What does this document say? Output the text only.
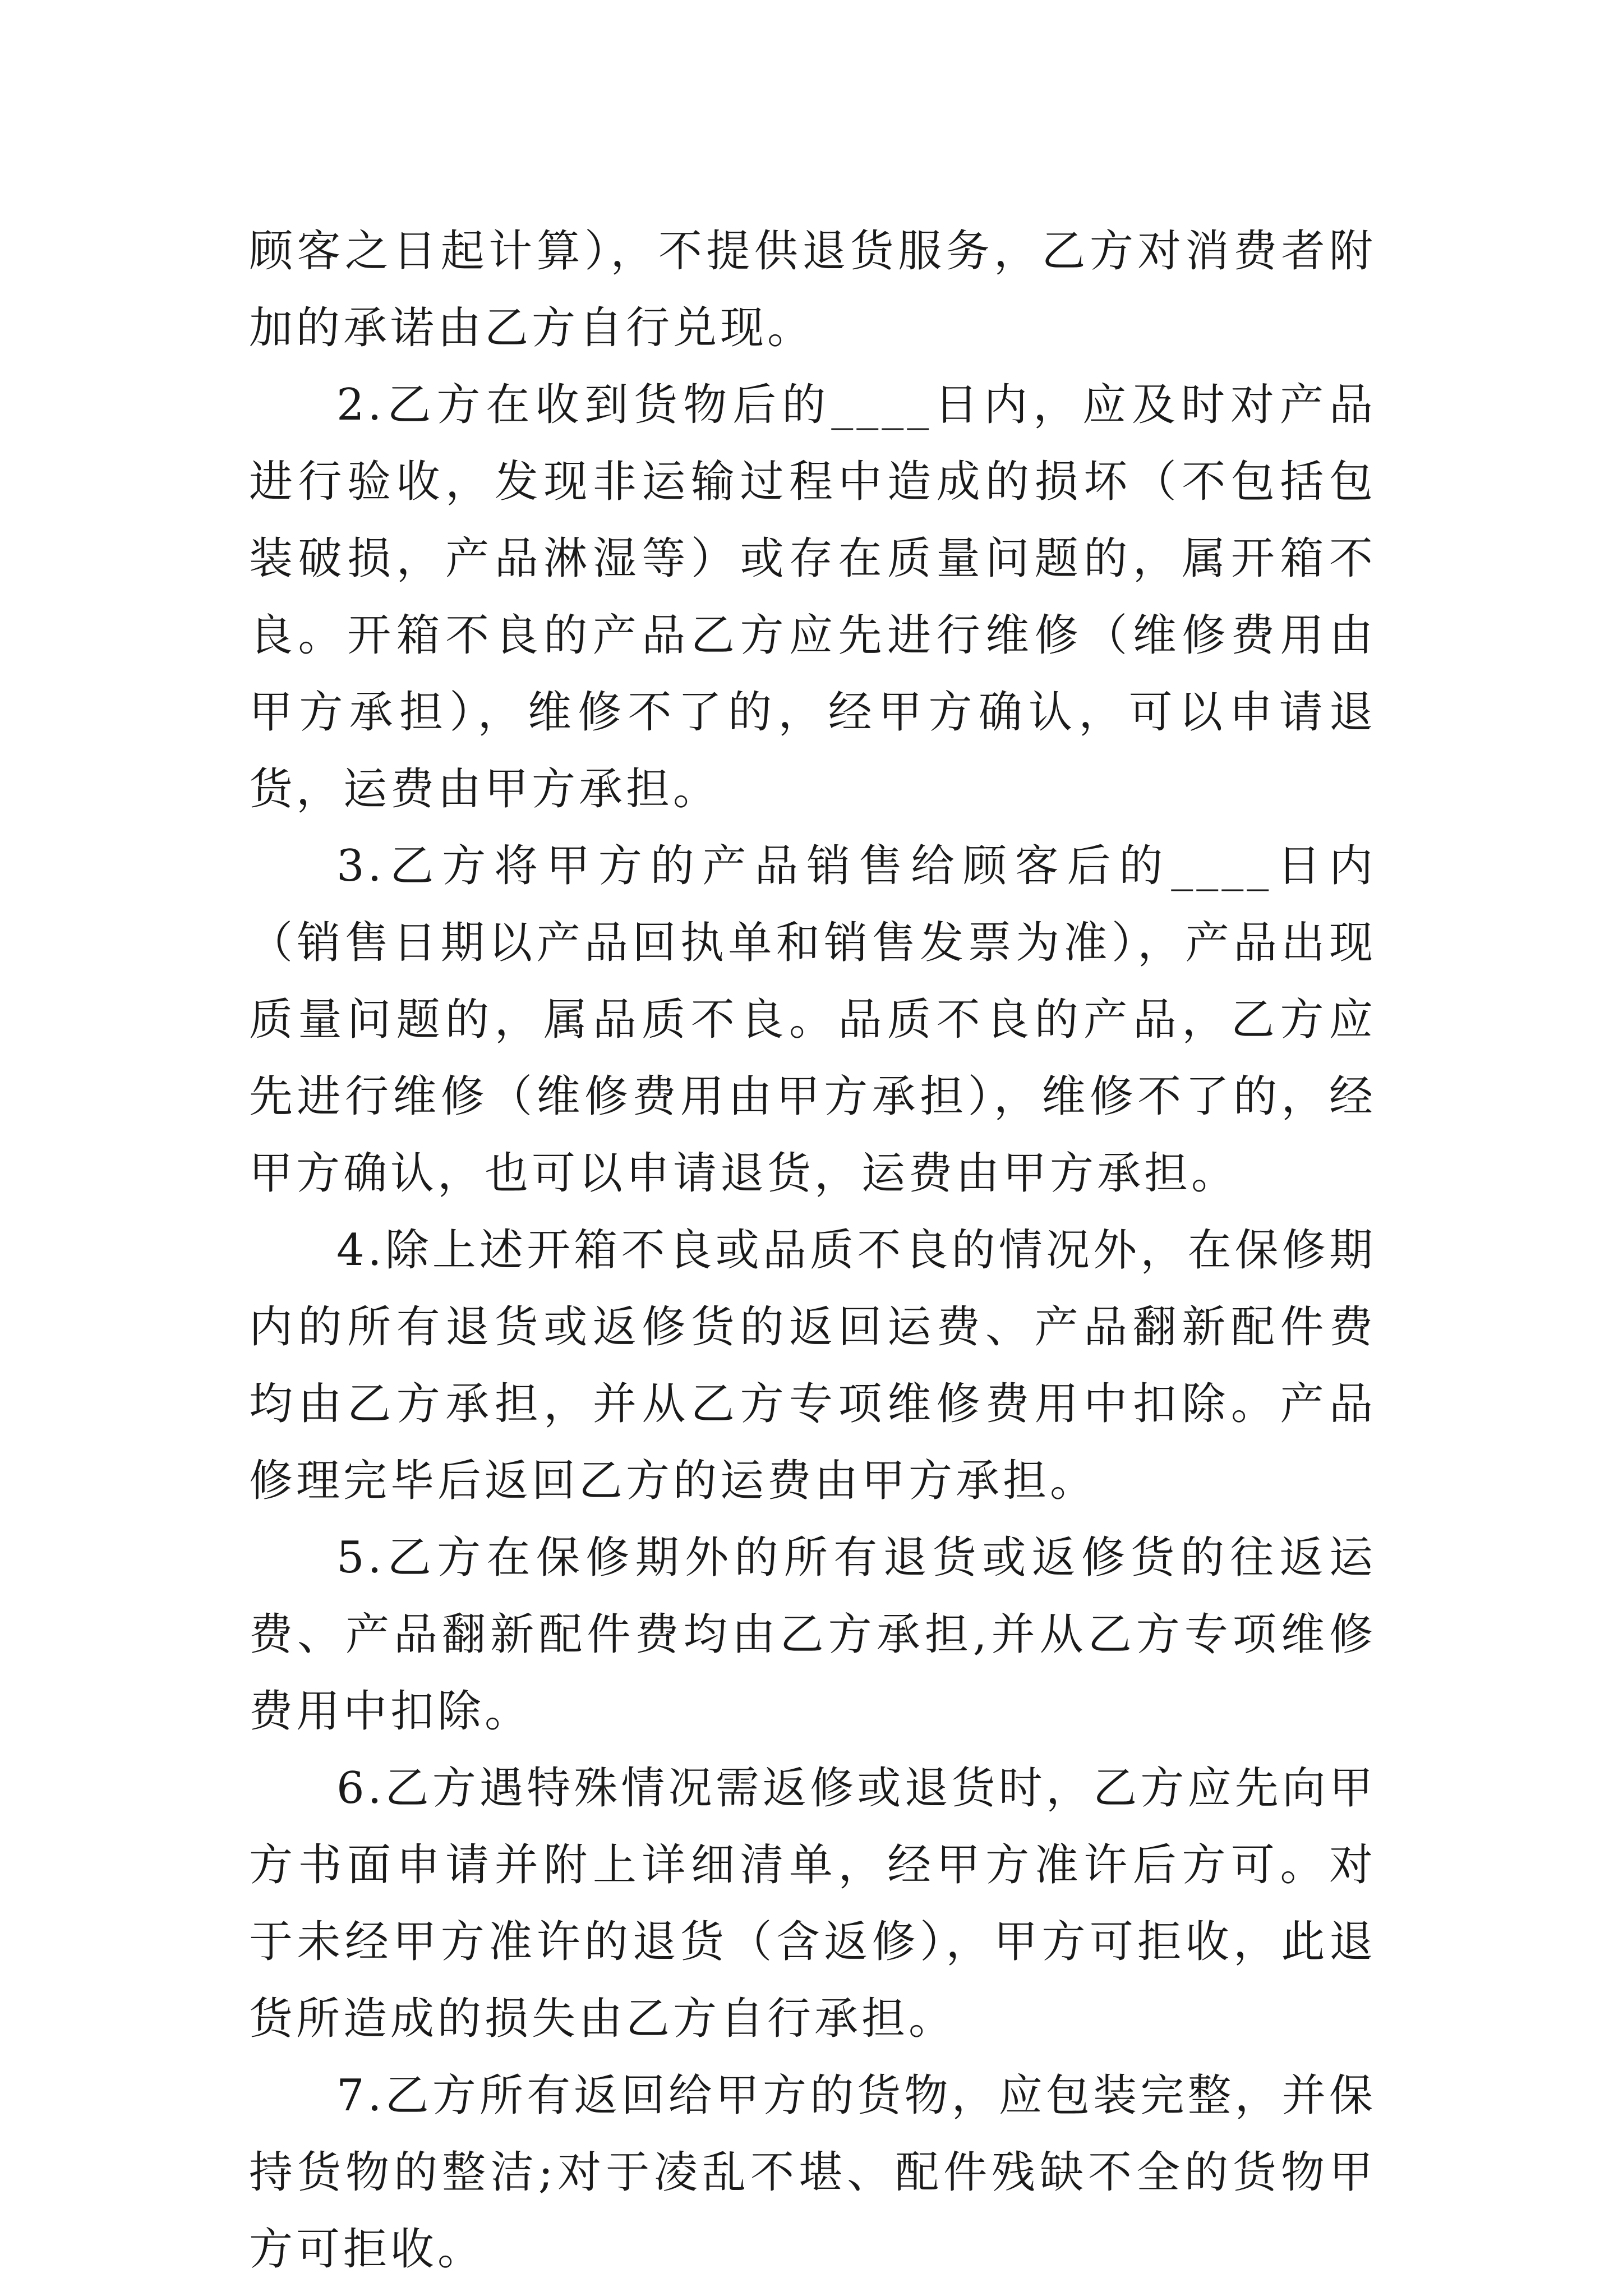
顾客之日起计算），不提供退货服务，乙方对消费者附加的承诺由乙方自行兑现。

2.乙方在收到货物后的____日内，应及时对产品进行验收，发现非运输过程中造成的损坏（不包括包装破损，产品淋湿等）或存在质量问题的，属开箱不良。开箱不良的产品乙方应先进行维修（维修费用由甲方承担），维修不了的，经甲方确认，可以申请退货，运费由甲方承担。

3.乙方将甲方的产品销售给顾客后的____日内（销售日期以产品回执单和销售发票为准），产品出现质量问题的，属品质不良。品质不良的产品，乙方应先进行维修（维修费用由甲方承担），维修不了的，经甲方确认，也可以申请退货，运费由甲方承担。

4.除上述开箱不良或品质不良的情况外，在保修期内的所有退货或返修货的返回运费、产品翻新配件费均由乙方承担，并从乙方专项维修费用中扣除。产品修理完毕后返回乙方的运费由甲方承担。

5.乙方在保修期外的所有退货或返修货的往返运费、产品翻新配件费均由乙方承担,并从乙方专项维修费用中扣除。

6.乙方遇特殊情况需返修或退货时，乙方应先向甲方书面申请并附上详细清单，经甲方准许后方可。对于未经甲方准许的退货（含返修），甲方可拒收，此退货所造成的损失由乙方自行承担。

7.乙方所有返回给甲方的货物，应包装完整，并保持货物的整洁;对于凌乱不堪、配件残缺不全的货物甲方可拒收。
